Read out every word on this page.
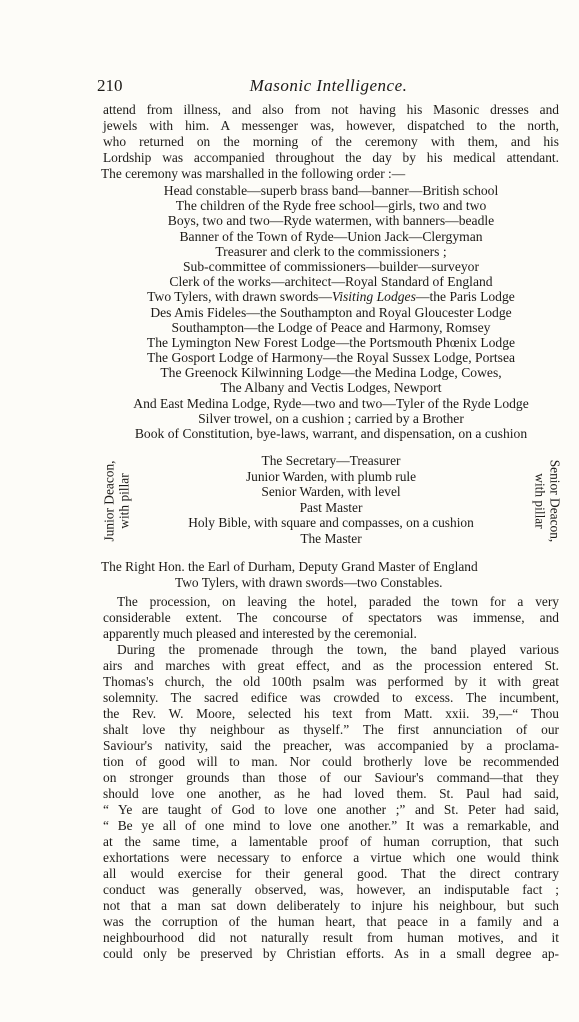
210	Masonic Intelligence.
attend from illness, and also from not having his Masonic dresses and
jewels with him. A messenger was, however, dispatched to the north,
who returned on the morning of the ceremony with them, and his
Lordship was accompanied throughout the day by his medical attendant.
The ceremony was marshalled in the following order :—
Head constable—superb brass band—banner—British school
The children of the Ryde free school—girls, two and two
Boys, two and two—Ryde watermen, with banners—beadle
Banner of the Town of Ryde—Union Jack—Clergyman
Treasurer and clerk to the commissioners ;
Sub-committee of commissioners—builder—surveyor
Clerk of the works—architect—Royal Standard of England
Two Tylers, with drawn swords—Visiting Lodges—the Paris Lodge
Des Amis Fideles—the Southampton and Royal Gloucester Lodge
Southampton—the Lodge of Peace and Harmony, Romsey
The Lymington New Forest Lodge—the Portsmouth Phœnix Lodge
The Gosport Lodge of Harmony—the Royal Sussex Lodge, Portsea
The Greenock Kilwinning Lodge—the Medina Lodge, Cowes,
The Albany and Vectis Lodges, Newport
And East Medina Lodge, Ryde—two and two—Tyler of the Ryde Lodge
Silver trowel, on a cushion ; carried by a Brother
Book of Constitution, bye-laws, warrant, and dispensation, on a cushion
Junior Deacon, with pillar
The Secretary—Treasurer
Junior Warden, with plumb rule
Senior Warden, with level
Past Master
Holy Bible, with square and compasses, on a cushion
The Master	Senior Deacon,
with pillar
The Right Hon. the Earl of Durham, Deputy Grand Master of England
Two Tylers, with drawn swords—two Constables.
The procession, on leaving the hotel, paraded the town for a very
considerable extent. The concourse of spectators was immense, and
apparently much pleased and interested by the ceremonial.
During the promenade through the town, the band played various
airs and marches with great effect, and as the procession entered St.
Thomas's church, the old 100th psalm was performed by it with great
solemnity. The sacred edifice was crowded to excess. The incumbent,
the Rev. W. Moore, selected his text from Matt. xxii. 39,—“ Thou
shalt love thy neighbour as thyself.” The first annunciation of our
Saviour's nativity, said the preacher, was accompanied by a proclama-
tion of good will to man. Nor could brotherly love be recommended
on stronger grounds than those of our Saviour's command—that they
should love one another, as he had loved them. St. Paul had said,
“ Ye are taught of God to love one another ;” and St. Peter had said,
“ Be ye all of one mind to love one another.” It was a remarkable, and
at the same time, a lamentable proof of human corruption, that such
exhortations were necessary to enforce a virtue which one would think
all would exercise for their general good. That the direct contrary
conduct was generally observed, was, however, an indisputable fact ;
not that a man sat down deliberately to injure his neighbour, but such
was the corruption of the human heart, that peace in a family and a
neighbourhood did not naturally result from human motives, and it
could only be preserved by Christian efforts. As in a small degree ap-
